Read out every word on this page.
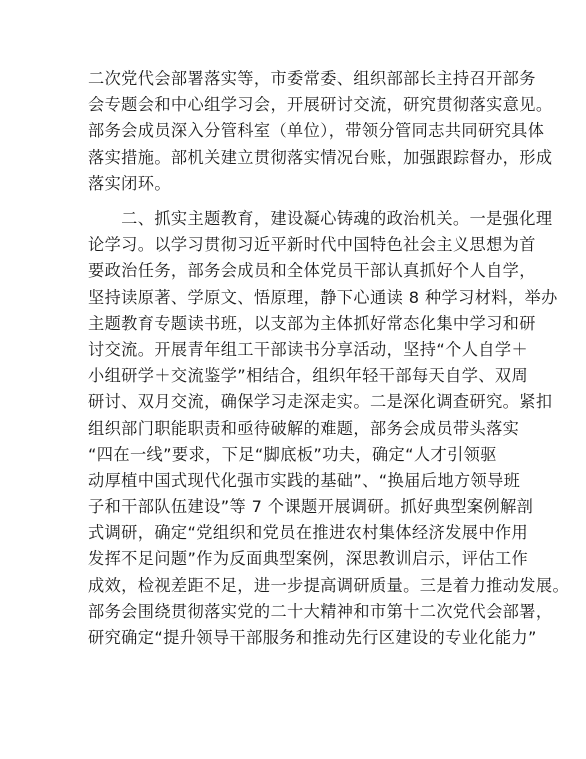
二次党代会部署落实等，市委常委、组织部部长主持召开部务
会专题会和中心组学习会，开展研讨交流，研究贯彻落实意见。
部务会成员深入分管科室（单位），带领分管同志共同研究具体
落实措施。部机关建立贯彻落实情况台账，加强跟踪督办，形成
落实闭环。
　　二、抓实主题教育，建设凝心铸魂的政治机关。一是强化理
论学习。以学习贯彻习近平新时代中国特色社会主义思想为首
要政治任务，部务会成员和全体党员干部认真抓好个人自学，
坚持读原著、学原文、悟原理，静下心通读 8 种学习材料，举办
主题教育专题读书班，以支部为主体抓好常态化集中学习和研
讨交流。开展青年组工干部读书分享活动，坚持“个人自学＋
小组研学＋交流鉴学”相结合，组织年轻干部每天自学、双周
研讨、双月交流，确保学习走深走实。二是深化调查研究。紧扣
组织部门职能职责和亟待破解的难题，部务会成员带头落实
“四在一线”要求，下足“脚底板”功夫，确定“人才引领驱
动厚植中国式现代化强市实践的基础”、“换届后地方领导班
子和干部队伍建设”等 7 个课题开展调研。抓好典型案例解剖
式调研，确定“党组织和党员在推进农村集体经济发展中作用
发挥不足问题”作为反面典型案例，深思教训启示，评估工作
成效，检视差距不足，进一步提高调研质量。三是着力推动发展。
部务会围绕贯彻落实党的二十大精神和市第十二次党代会部署，
研究确定“提升领导干部服务和推动先行区建设的专业化能力”
